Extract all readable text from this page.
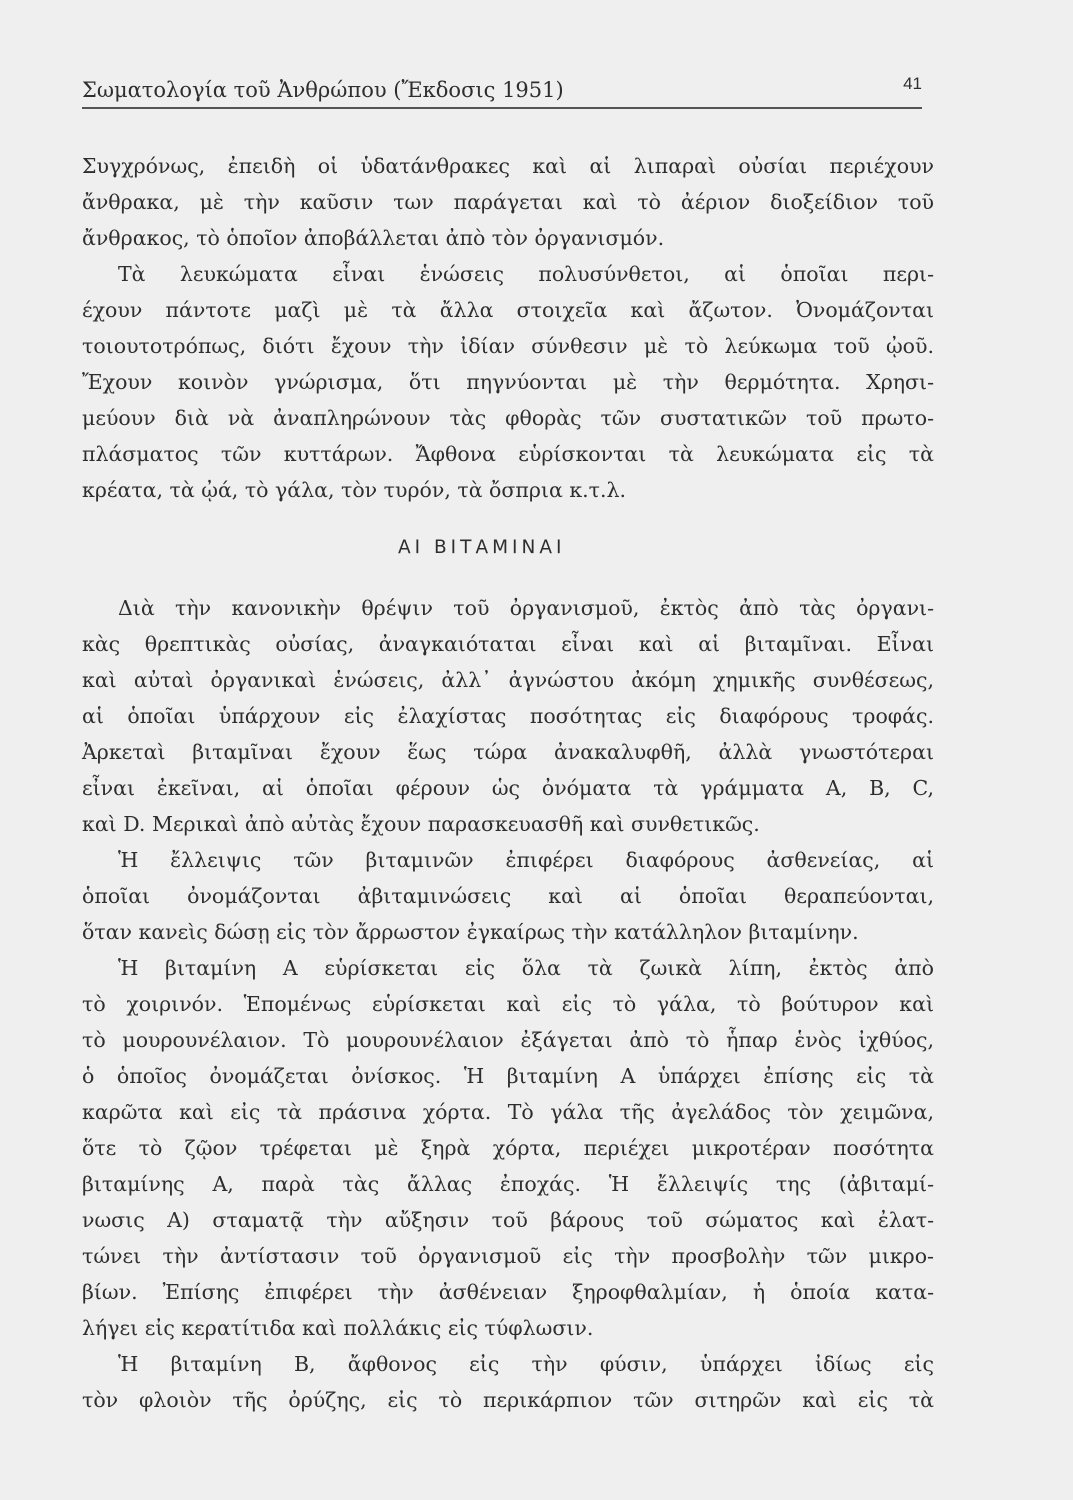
Σωματολογία τοῦ Ἀνθρώπου (Ἔκδοσις 1951)	41
Συγχρόνως, ἐπειδὴ οἱ ὑδατάνθρακες καὶ αἱ λιπαραὶ οὐσίαι περιέχουν
ἄνθρακα, μὲ τὴν καῦσιν των παράγεται καὶ τὸ ἀέριον διοξείδιον τοῦ
ἄνθρακος, τὸ ὁποῖον ἀποβάλλεται ἀπὸ τὸν ὀργανισμόν.
Τὰ λευκώματα εἶναι ἑνώσεις πολυσύνθετοι, αἱ ὁποῖαι περι-
έχουν πάντοτε μαζὶ μὲ τὰ ἄλλα στοιχεῖα καὶ ἄζωτον. Ὀνομάζονται
τοιουτοτρόπως, διότι ἔχουν τὴν ἰδίαν σύνθεσιν μὲ τὸ λεύκωμα τοῦ ᾠοῦ.
Ἔχουν κοινὸν γνώρισμα, ὅτι πηγνύονται μὲ τὴν θερμότητα. Χρησι-
μεύουν διὰ νὰ ἀναπληρώνουν τὰς φθορὰς τῶν συστατικῶν τοῦ πρωτο-
πλάσματος τῶν κυττάρων. Ἄφθονα εὑρίσκονται τὰ λευκώματα εἰς τὰ
κρέατα, τὰ ᾠά, τὸ γάλα, τὸν τυρόν, τὰ ὄσπρια κ.τ.λ.
ΑΙ ΒΙΤΑΜΙΝΑΙ
Διὰ τὴν κανονικὴν θρέψιν τοῦ ὀργανισμοῦ, ἐκτὸς ἀπὸ τὰς ὀργανι-
κὰς θρεπτικὰς οὐσίας, ἀναγκαιόταται εἶναι καὶ αἱ βιταμῖναι. Εἶναι
καὶ αὐταὶ ὀργανικαὶ ἑνώσεις, ἀλλ᾽ ἀγνώστου ἀκόμη χημικῆς συνθέσεως,
αἱ ὁποῖαι ὑπάρχουν εἰς ἐλαχίστας ποσότητας εἰς διαφόρους τροφάς.
Ἀρκεταὶ βιταμῖναι ἔχουν ἕως τώρα ἀνακαλυφθῆ, ἀλλὰ γνωστότεραι
εἶναι ἐκεῖναι, αἱ ὁποῖαι φέρουν ὡς ὀνόματα τὰ γράμματα A, B, C,
καὶ D. Μερικαὶ ἀπὸ αὐτὰς ἔχουν παρασκευασθῆ καὶ συνθετικῶς.
Ἡ ἔλλειψις τῶν βιταμινῶν ἐπιφέρει διαφόρους ἀσθενείας, αἱ
ὁποῖαι ὀνομάζονται ἀβιταμινώσεις καὶ αἱ ὁποῖαι θεραπεύονται,
ὅταν κανεὶς δώσῃ εἰς τὸν ἄρρωστον ἐγκαίρως τὴν κατάλληλον βιταμίνην.
Ἡ βιταμίνη A εὑρίσκεται εἰς ὅλα τὰ ζωικὰ λίπη, ἐκτὸς ἀπὸ
τὸ χοιρινόν. Ἑπομένως εὑρίσκεται καὶ εἰς τὸ γάλα, τὸ βούτυρον καὶ
τὸ μουρουνέλαιον. Τὸ μουρουνέλαιον ἐξάγεται ἀπὸ τὸ ἧπαρ ἑνὸς ἰχθύος,
ὁ ὁποῖος ὀνομάζεται ὀνίσκος. Ἡ βιταμίνη A ὑπάρχει ἐπίσης εἰς τὰ
καρῶτα καὶ εἰς τὰ πράσινα χόρτα. Τὸ γάλα τῆς ἀγελάδος τὸν χειμῶνα,
ὅτε τὸ ζῷον τρέφεται μὲ ξηρὰ χόρτα, περιέχει μικροτέραν ποσότητα
βιταμίνης A, παρὰ τὰς ἄλλας ἐποχάς. Ἡ ἔλλειψίς της (ἀβιταμί-
νωσις A) σταματᾷ τὴν αὔξησιν τοῦ βάρους τοῦ σώματος καὶ ἐλατ-
τώνει τὴν ἀντίστασιν τοῦ ὀργανισμοῦ εἰς τὴν προσβολὴν τῶν μικρο-
βίων. Ἐπίσης ἐπιφέρει τὴν ἀσθένειαν ξηροφθαλμίαν, ἡ ὁποία κατα-
λήγει εἰς κερατίτιδα καὶ πολλάκις εἰς τύφλωσιν.
Ἡ βιταμίνη B, ἄφθονος εἰς τὴν φύσιν, ὑπάρχει ἰδίως εἰς
τὸν φλοιὸν τῆς ὀρύζης, εἰς τὸ περικάρπιον τῶν σιτηρῶν καὶ εἰς τὰ
